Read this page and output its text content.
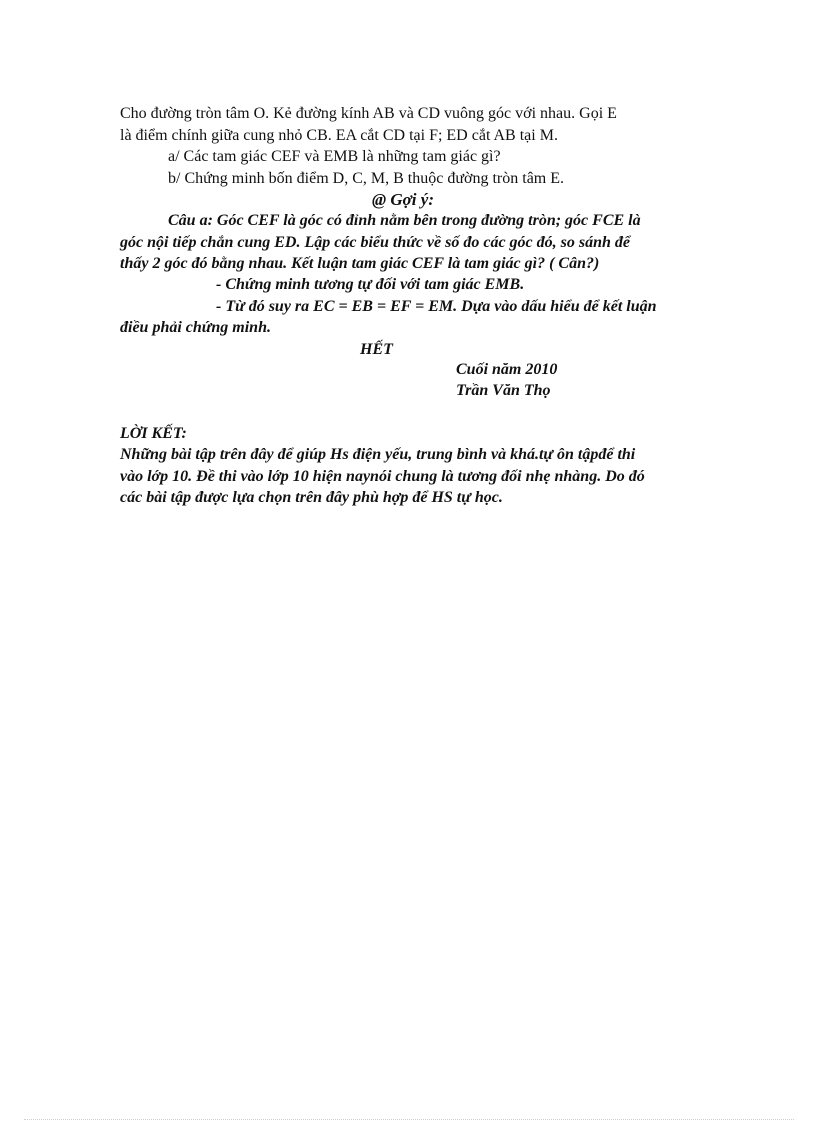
Cho đường tròn tâm O. Kẻ đường kính AB và CD vuông góc với nhau. Gọi E
là điểm chính giữa cung nhỏ CB. EA cắt CD tại F; ED cắt AB tại M.
a/ Các tam giác CEF và EMB là những tam giác gì?
b/ Chứng minh bốn điểm D, C, M, B thuộc đường tròn tâm E.
@ Gợi ý:
Câu a: Góc CEF là góc có đỉnh nằm bên trong đường tròn; góc FCE là
góc nội tiếp chắn cung ED. Lập các biểu thức về số đo các góc đó, so sánh để
thấy 2 góc đó bằng nhau. Kết luận tam giác CEF là tam giác gì? ( Cân?)
- Chứng minh tương tự đối với tam giác EMB.
- Từ đó suy ra EC = EB = EF = EM. Dựa vào dấu hiểu để kết luận
điều phải chứng minh.
HẾT
Cuối năm 2010
Trần Văn Thọ
LỜI KẾT:
Những bài tập trên đây để giúp Hs điện yếu, trung bình và khá.tự ôn tậpđể thi
vào lớp 10. Đề thi vào lớp 10 hiện naynói chung là tương đối nhẹ nhàng. Do đó
các bài tập được lựa chọn trên đây phù hợp để HS tự học.
